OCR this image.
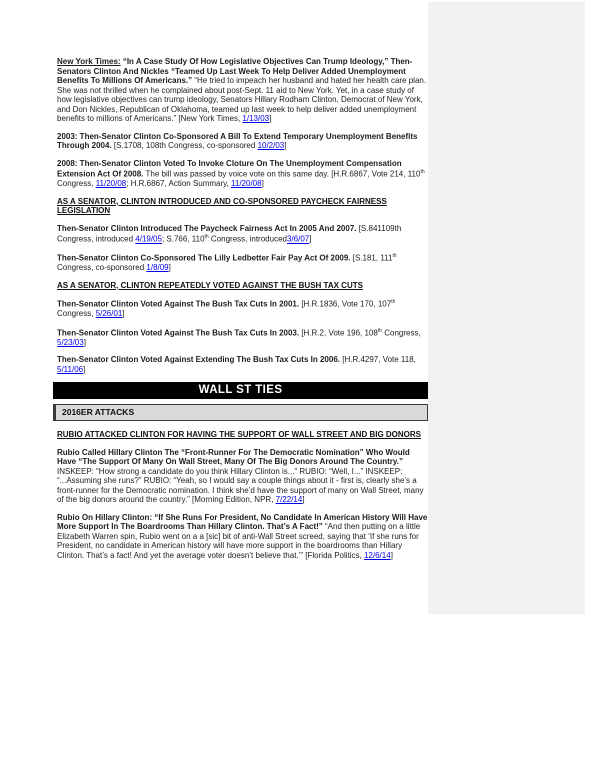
New York Times: “In A Case Study Of How Legislative Objectives Can Trump Ideology,” Then-Senators Clinton And Nickles “Teamed Up Last Week To Help Deliver Added Unemployment Benefits To Millions Of Americans.” “He tried to impeach her husband and hated her health care plan. She was not thrilled when he complained about post-Sept. 11 aid to New York. Yet, in a case study of how legislative objectives can trump ideology, Senators Hillary Rodham Clinton, Democrat of New York, and Don Nickles, Republican of Oklahoma, teamed up last week to help deliver added unemployment benefits to millions of Americans.” [New York Times, 1/13/03]
2003: Then-Senator Clinton Co-Sponsored A Bill To Extend Temporary Unemployment Benefits Through 2004. [S.1708, 108th Congress, co-sponsored 10/2/03]
2008: Then-Senator Clinton Voted To Invoke Cloture On The Unemployment Compensation Extension Act Of 2008. The bill was passed by voice vote on this same day. [H.R.6867, Vote 214, 110th Congress, 11/20/08; H.R.6867, Action Summary, 11/20/08]
AS A SENATOR, CLINTON INTRODUCED AND CO-SPONSORED PAYCHECK FAIRNESS LEGISLATION
Then-Senator Clinton Introduced The Paycheck Fairness Act In 2005 And 2007. [S.841109th Congress, introduced 4/19/05; S.766, 110th Congress, introduced3/6/07]
Then-Senator Clinton Co-Sponsored The Lilly Ledbetter Fair Pay Act Of 2009. [S.181, 111th Congress, co-sponsored 1/8/09]
AS A SENATOR, CLINTON REPEATEDLY VOTED AGAINST THE BUSH TAX CUTS
Then-Senator Clinton Voted Against The Bush Tax Cuts In 2001. [H.R.1836, Vote 170, 107th Congress, 5/26/01]
Then-Senator Clinton Voted Against The Bush Tax Cuts In 2003. [H.R.2, Vote 196, 108th Congress, 5/23/03]
Then-Senator Clinton Voted Against Extending The Bush Tax Cuts In 2006. [H.R.4297, Vote 118, 5/11/06]
WALL ST TIES
2016ER ATTACKS
RUBIO ATTACKED CLINTON FOR HAVING THE SUPPORT OF WALL STREET AND BIG DONORS
Rubio Called Hillary Clinton The “Front-Runner For The Democratic Nomination” Who Would Have “The Support Of Many On Wall Street, Many Of The Big Donors Around The Country.” INSKEEP: “How strong a candidate do you think Hillary Clinton is...” RUBIO: “Well, I...” INSKEEP: “...Assuming she runs?” RUBIO: “Yeah, so I would say a couple things about it - first is, clearly she’s a front-runner for the Democratic nomination. I think she’d have the support of many on Wall Street, many of the big donors around the country.” [Morning Edition, NPR, 7/22/14]
Rubio On Hillary Clinton: “If She Runs For President, No Candidate In American History Will Have More Support In The Boardrooms Than Hillary Clinton. That’s A Fact!” “And then putting on a little Elizabeth Warren spin, Rubio went on a a [sic] bit of anti-Wall Street screed, saying that ‘If she runs for President, no candidate in American history will have more support in the boardrooms than Hillary Clinton. That’s a fact! And yet the average voter doesn’t believe that.’” [Florida Politics, 12/6/14]
